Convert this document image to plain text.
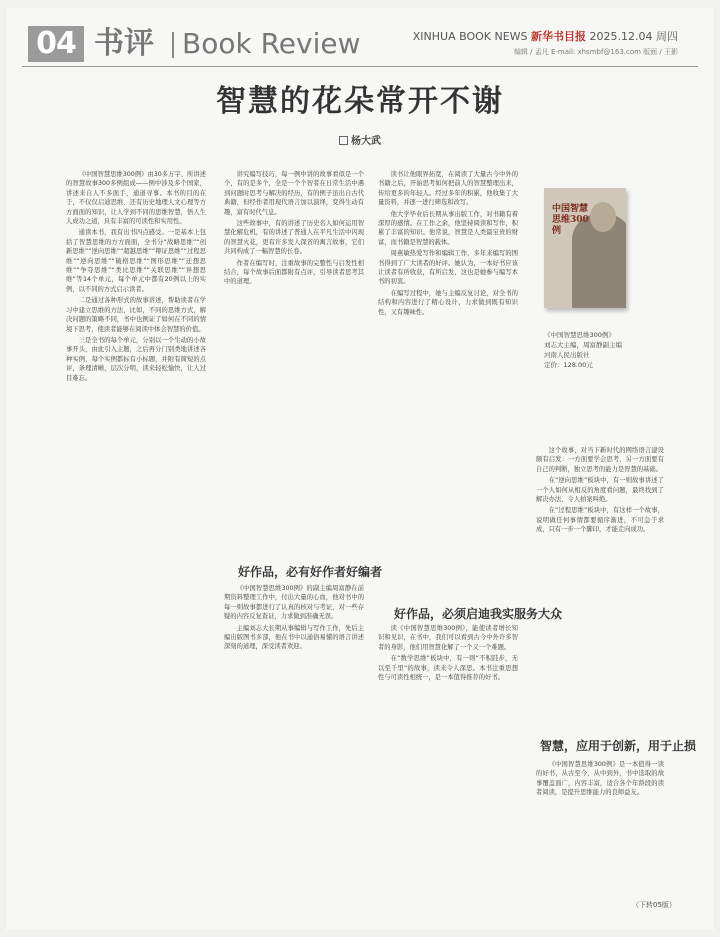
04 书评 Book Review	XINHUA BOOK NEWS 新华书目报 2025.12.04 周四
编辑 / 孟凡 E-mail: xhsmbf@163.com 版面 / 王影
智慧的花朵常开不谢
杨大武

《中国智慧思维300例》由30多万字、所讲述的智慧故事300多例组成——例中涉及多个国家，讲述来自人不多面手，通道寻事。本书的目的在于，不仅仅启迪思维、还有历史地理人文心理等方方面面的知识，让人学到不同的思维智慧，悟人生人成功之道，具有丰富的可读性和实用性。

通读本书，我有出书四点感受。一是基本上包括了智慧思维的方方面面，全书分“战略思维”“创新思维”“逆向思维”“超越思维”“辩证思维”“过程思维”“逆向思维”“破格思维”“图形思维”“迁想思维”“争夺思维”“类比思维”“关联思维”“异想思维”等14个单元，每个单元中都有20例以上的实例，以不同的方式启示读者。

二是通过各种形式的故事讲述，帮助读者在学习中建立思维的方法，比如，不同的思维方式，解决问题的策略不同，书中也例证了如何在不同的情境下思考，使读者能够在阅读中体会智慧的价值。

三是全书的每个单元，分别以一个生动的小故事开头，由此引入主题，之后再分门别类地讲述各种实例，每个实例都标有小标题，并附有简短的点评，条理清晰，层次分明，读来轻松愉快，让人过目难忘。

讲究编写技巧，每一例中讲的故事看似是一个个，有的是多个，全是一个个智者在日常生活中遇到问题时思考与解决的经历，有的例子虽出自古代典籍，但经作者用现代语言加以演绎，变得生动有趣，富有时代气息。

这些故事中，有的讲述了历史名人如何运用智慧化解危机，有的讲述了普通人在平凡生活中闪现的智慧火花，更有许多发人深省的寓言故事，它们共同构成了一幅智慧的长卷。

作者在编写时，注重故事的完整性与启发性相结合，每个故事后面都附有点评，引导读者思考其中的道理。

好作品，必有好作者好编者

《中国智慧思维300例》的副主编周富静在前期资料整理工作中，付出大量的心血，他对书中的每一则故事都进行了认真的核对与考证，对一些存疑的内容反复查证，力求做到准确无误。

主编刘志大长期从事编辑与写作工作，先后主编出版图书多部，他在书中以通俗易懂的语言讲述深刻的道理，深受读者欢迎。

读书让他眼界拓宽，在阅读了大量古今中外的书籍之后，开始思考如何把前人的智慧整理出来，传给更多的年轻人。经过多年的积累，他收集了大量资料，并逐一进行筛选和改写。

他大学毕业后长期从事出版工作，对书籍有着深厚的感情。在工作之余，他坚持阅读和写作，积累了丰富的知识。他常说，智慧是人类最宝贵的财富，而书籍是智慧的载体。

周燕敏热爱写作和编辑工作，多年来编写的图书得到了广大读者的好评。她认为，一本好书应该让读者有所收获，有所启发，这也是她参与编写本书的初衷。

在编写过程中，她与主编反复讨论，对全书的结构和内容进行了精心设计，力求做到既有知识性，又有趣味性。

好作品，必须启迪我实服务大众

读《中国智慧思维300例》，能使读者增长知识和见识，在书中，我们可以看到古今中外许多智者的身影，他们用智慧化解了一个又一个难题。

在“数学思维”板块中，有一则“不积跬步，无以至千里”的故事，读来令人深思。本书注重思想性与可读性相统一，是一本值得推荐的好书。

中国智慧思维300例
《中国智慧思维300例》
刘志大主编，周富静副主编
河南人民出版社
定价：128.00元

这个故事，对当下新时代的网络语言建设颇有启发：一方面要学会思考，另一方面要有自己的判断，独立思考的能力是智慧的基础。

在“逆向思维”板块中，有一则故事讲述了一个人如何从相反的角度看问题，最终找到了解决办法，令人拍案叫绝。

在“过程思维”板块中，有这样一个故事，说明做任何事情都要循序渐进，不可急于求成，只有一步一个脚印，才能走向成功。

智慧，应用于创新，用于止损

《中国智慧思维300例》是一本值得一读的好书，从古至今，从中到外，书中选取的故事覆盖面广，内容丰富，适合各个年龄段的读者阅读，是提升思维能力的良师益友。

（下转05版）
